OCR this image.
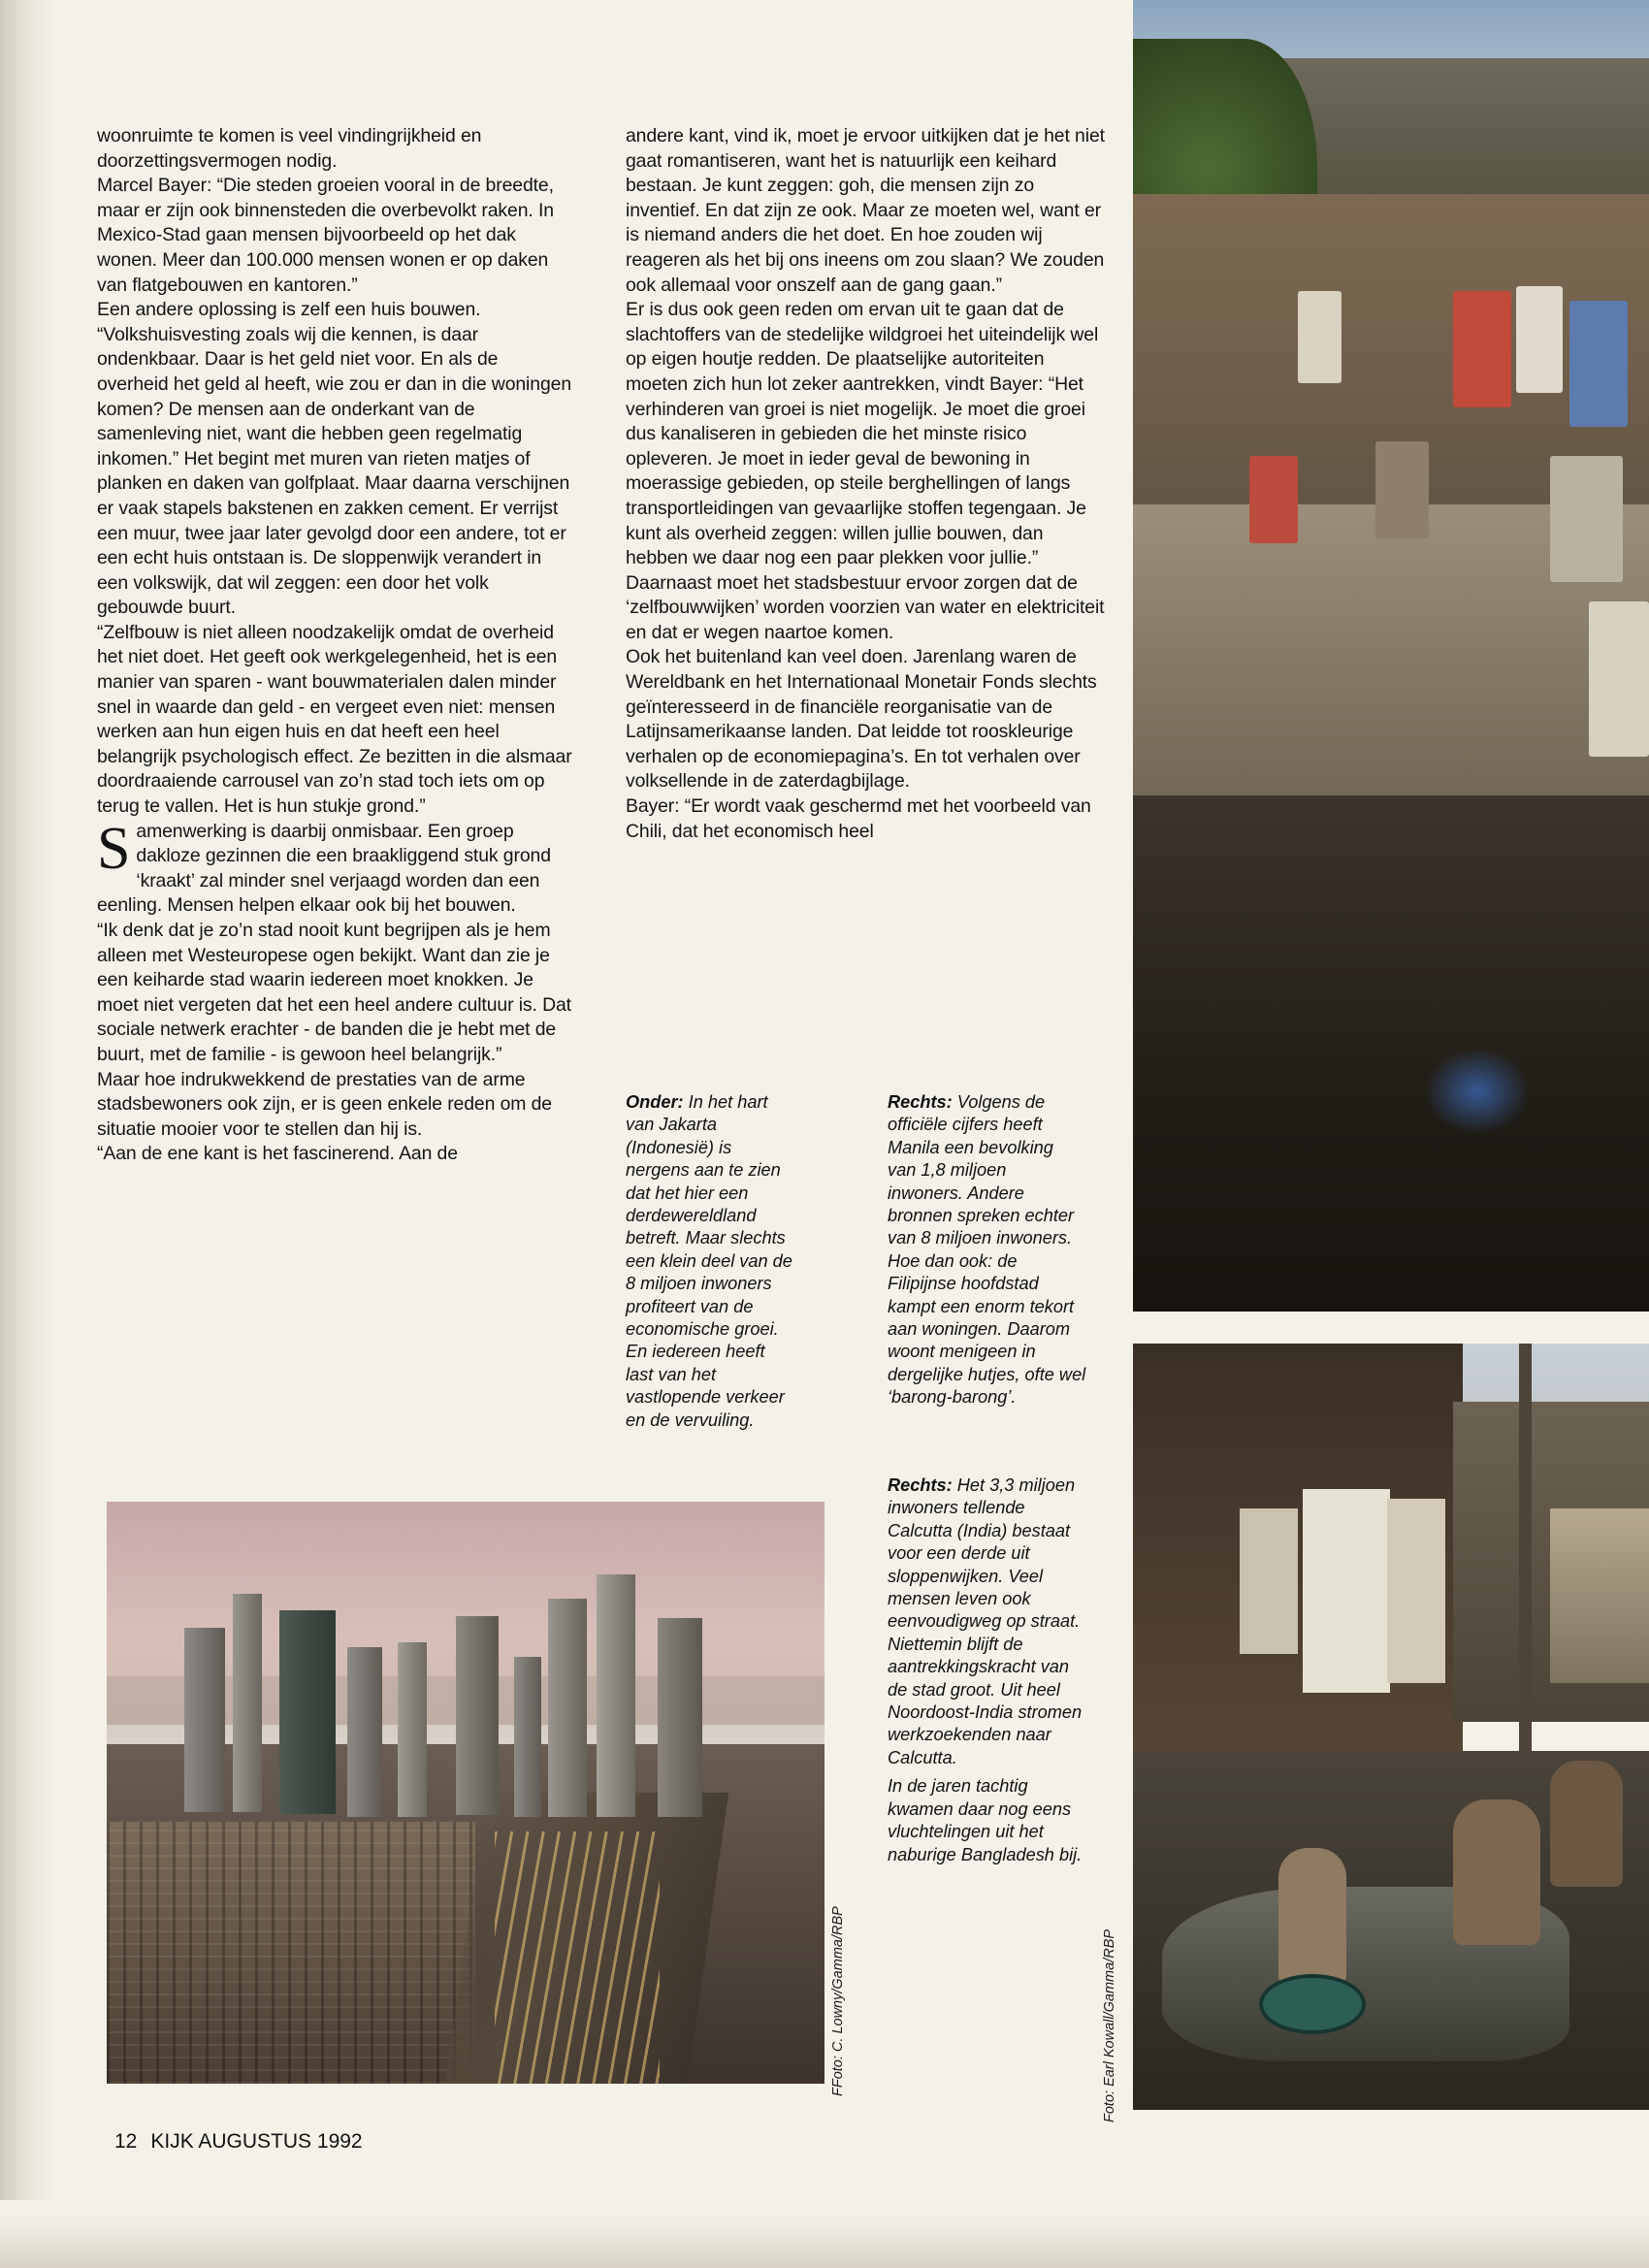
woonruimte te komen is veel vindingrijkheid en doorzettingsvermogen nodig.

Marcel Bayer: “Die steden groeien vooral in de breedte, maar er zijn ook binnensteden die overbevolkt raken. In Mexico-Stad gaan mensen bijvoorbeeld op het dak wonen. Meer dan 100.000 mensen wonen er op daken van flatgebouwen en kantoren.”

Een andere oplossing is zelf een huis bouwen.

“Volkshuisvesting zoals wij die kennen, is daar ondenkbaar. Daar is het geld niet voor. En als de overheid het geld al heeft, wie zou er dan in die woningen komen? De mensen aan de onderkant van de samenleving niet, want die hebben geen regelmatig inkomen.” Het begint met muren van rieten matjes of planken en daken van golfplaat. Maar daarna verschijnen er vaak stapels bakstenen en zakken cement. Er verrijst een muur, twee jaar later gevolgd door een andere, tot er een echt huis ontstaan is. De sloppenwijk verandert in een volkswijk, dat wil zeggen: een door het volk gebouwde buurt.

“Zelfbouw is niet alleen noodzakelijk omdat de overheid het niet doet. Het geeft ook werkgelegenheid, het is een manier van sparen - want bouwmaterialen dalen minder snel in waarde dan geld - en vergeet even niet: mensen werken aan hun eigen huis en dat heeft een heel belangrijk psychologisch effect. Ze bezitten in die alsmaar doordraaiende carrousel van zo’n stad toch iets om op terug te vallen. Het is hun stukje grond.”

Samenwerking is daarbij onmisbaar. Een groep dakloze gezinnen die een braakliggend stuk grond ‘kraakt’ zal minder snel verjaagd worden dan een eenling. Mensen helpen elkaar ook bij het bouwen.

“Ik denk dat je zo’n stad nooit kunt begrijpen als je hem alleen met Westeuropese ogen bekijkt. Want dan zie je een keiharde stad waarin iedereen moet knokken. Je moet niet vergeten dat het een heel andere cultuur is. Dat sociale netwerk erachter - de banden die je hebt met de buurt, met de familie - is gewoon heel belangrijk.”

Maar hoe indrukwekkend de prestaties van de arme stadsbewoners ook zijn, er is geen enkele reden om de situatie mooier voor te stellen dan hij is.

“Aan de ene kant is het fascinerend. Aan de

andere kant, vind ik, moet je ervoor uitkijken dat je het niet gaat romantiseren, want het is natuurlijk een keihard bestaan. Je kunt zeggen: goh, die mensen zijn zo inventief. En dat zijn ze ook. Maar ze moeten wel, want er is niemand anders die het doet. En hoe zouden wij reageren als het bij ons ineens om zou slaan? We zouden ook allemaal voor onszelf aan de gang gaan.”

Er is dus ook geen reden om ervan uit te gaan dat de slachtoffers van de stedelijke wildgroei het uiteindelijk wel op eigen houtje redden. De plaatselijke autoriteiten moeten zich hun lot zeker aantrekken, vindt Bayer: “Het verhinderen van groei is niet mogelijk. Je moet die groei dus kanaliseren in gebieden die het minste risico opleveren. Je moet in ieder geval de bewoning in moerassige gebieden, op steile berghellingen of langs transportleidingen van gevaarlijke stoffen tegengaan. Je kunt als overheid zeggen: willen jullie bouwen, dan hebben we daar nog een paar plekken voor jullie.”

Daarnaast moet het stadsbestuur ervoor zorgen dat de ‘zelfbouwwijken’ worden voorzien van water en elektriciteit en dat er wegen naartoe komen.

Ook het buitenland kan veel doen. Jarenlang waren de Wereldbank en het Internationaal Monetair Fonds slechts geïnteresseerd in de financiële reorganisatie van de Latijnsamerikaanse landen. Dat leidde tot rooskleurige verhalen op de economiepagina’s. En tot verhalen over volksellende in de zaterdagbijlage.

Bayer: “Er wordt vaak geschermd met het voorbeeld van Chili, dat het economisch heel

Onder: In het hart van Jakarta (Indonesië) is nergens aan te zien dat het hier een derdewereldland betreft. Maar slechts een klein deel van de 8 miljoen inwoners profiteert van de economische groei. En iedereen heeft last van het vastlopende verkeer en de vervuiling.
Rechts: Volgens de officiële cijfers heeft Manila een bevolking van 1,8 miljoen inwoners. Andere bronnen spreken echter van 8 miljoen inwoners. Hoe dan ook: de Filipijnse hoofdstad kampt een enorm tekort aan woningen. Daarom woont menigeen in dergelijke hutjes, ofte wel ‘barong-barong’.
Rechts: Het 3,3 miljoen inwoners tellende Calcutta (India) bestaat voor een derde uit sloppenwijken. Veel mensen leven ook eenvoudigweg op straat. Niettemin blijft de aantrekkingskracht van de stad groot. Uit heel Noordoost-India stromen werkzoekenden naar Calcutta.
In de jaren tachtig kwamen daar nog eens vluchtelingen uit het naburige Bangladesh bij.
FFoto: C. Lowny/Gamma/RBP	Foto: Earl Kowall/Gamma/RBP
12 KIJK AUGUSTUS 1992
